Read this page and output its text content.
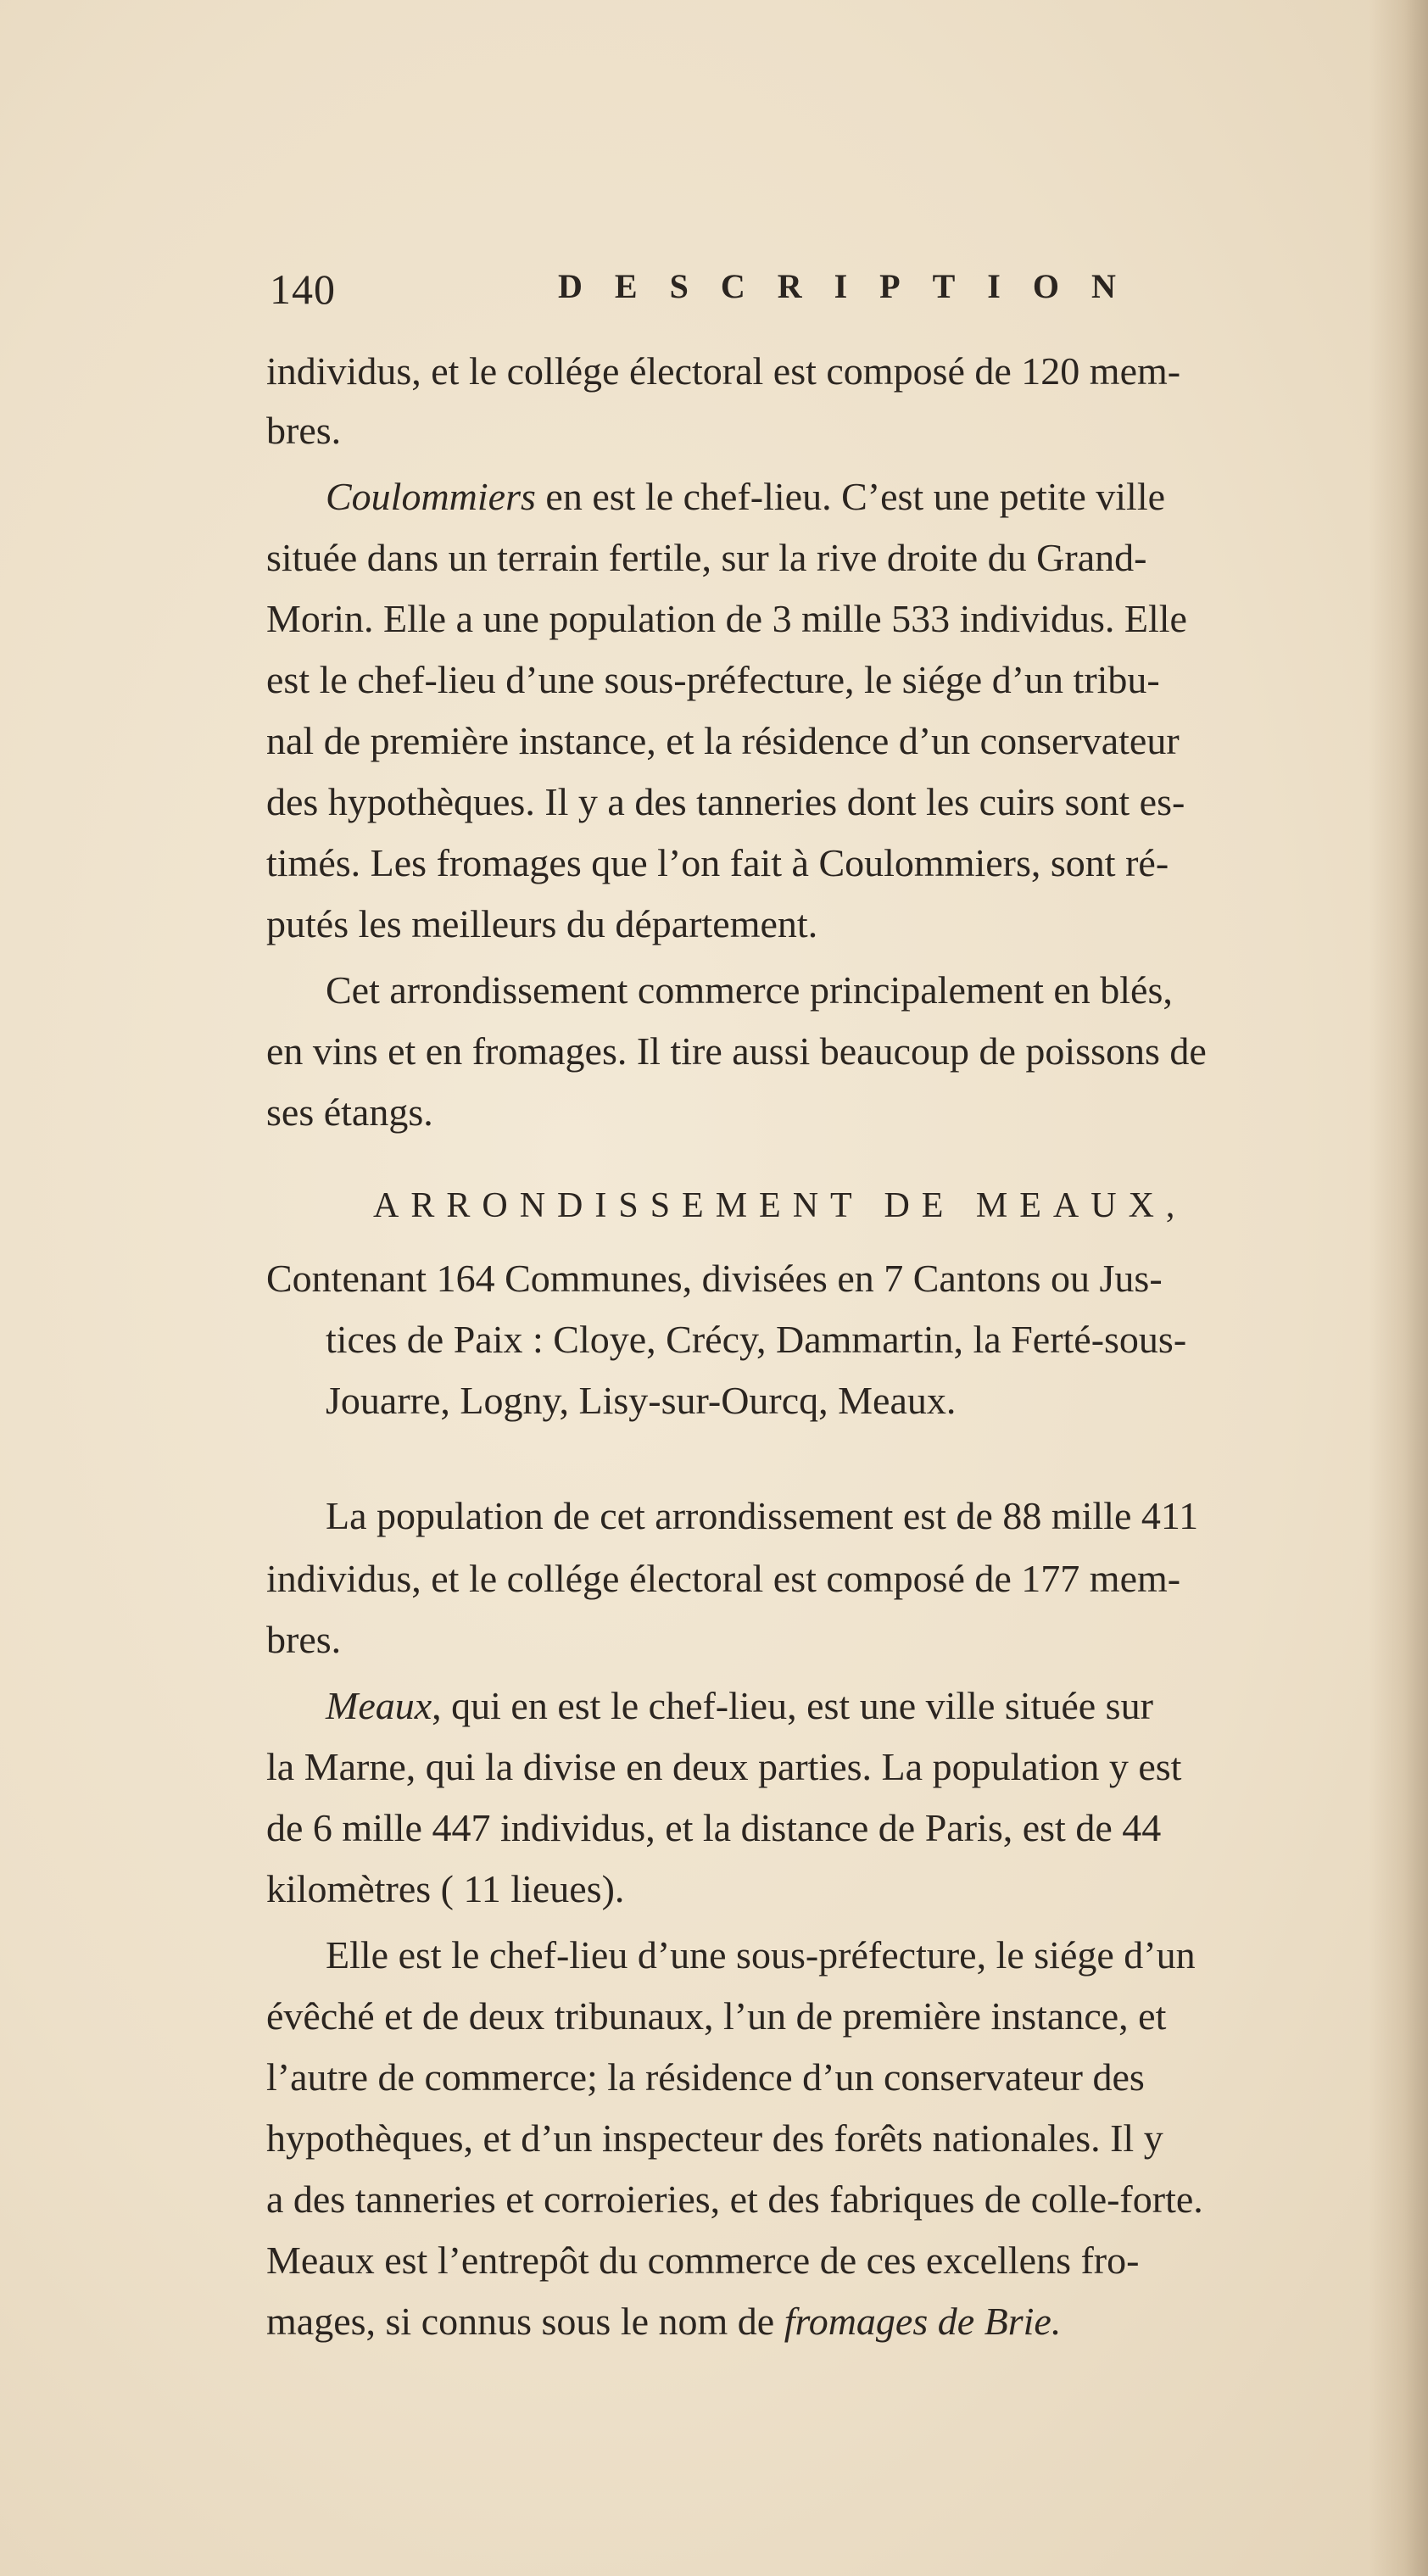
140	DESCRIPTION
individus, et le collége électoral est composé de 120 mem-
bres.
Coulommiers en est le chef-lieu. C’est une petite ville
située dans un terrain fertile, sur la rive droite du Grand-
Morin. Elle a une population de 3 mille 533 individus. Elle
est le chef-lieu d’une sous-préfecture, le siége d’un tribu-
nal de première instance, et la résidence d’un conservateur
des hypothèques. Il y a des tanneries dont les cuirs sont es-
timés. Les fromages que l’on fait à Coulommiers, sont ré-
putés les meilleurs du département.
Cet arrondissement commerce principalement en blés,
en vins et en fromages. Il tire aussi beaucoup de poissons de
ses étangs.
Contenant 164 Communes, divisées en 7 Cantons ou Jus-
tices de Paix : Cloye, Crécy, Dammartin, la Ferté-sous-
Jouarre, Logny, Lisy-sur-Ourcq, Meaux.
La population de cet arrondissement est de 88 mille 411
individus, et le collége électoral est composé de 177 mem-
bres.
Meaux, qui en est le chef-lieu, est une ville située sur
la Marne, qui la divise en deux parties. La population y est
de 6 mille 447 individus, et la distance de Paris, est de 44
kilomètres ( 11 lieues).
Elle est le chef-lieu d’une sous-préfecture, le siége d’un
évêché et de deux tribunaux, l’un de première instance, et
l’autre de commerce; la résidence d’un conservateur des
hypothèques, et d’un inspecteur des forêts nationales. Il y
a des tanneries et corroieries, et des fabriques de colle-forte.
Meaux est l’entrepôt du commerce de ces excellens fro-
mages, si connus sous le nom de fromages de Brie.
ARRONDISSEMENT DE MEAUX,
